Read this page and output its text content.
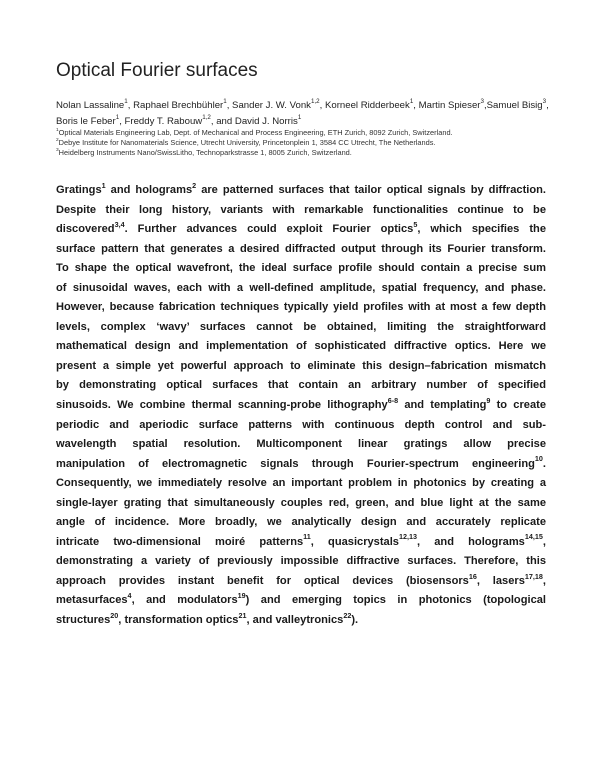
Optical Fourier surfaces
Nolan Lassaline$^1$, Raphael Brechbühler$^1$, Sander J. W. Vonk$^{1,2}$, Korneel Ridderbeek$^1$, Martin Spieser$^3$,Samuel Bisig$^3$, Boris le Feber$^1$, Freddy T. Rabouw$^{1,2}$, and David J. Norris$^1$
$^1$Optical Materials Engineering Lab, Dept. of Mechanical and Process Engineering, ETH Zurich, 8092 Zurich, Switzerland.
$^2$Debye Institute for Nanomaterials Science, Utrecht University, Princetonplein 1, 3584 CC Utrecht, The Netherlands.
$^3$Heidelberg Instruments Nano/SwissLitho, Technoparkstrasse 1, 8005 Zurich, Switzerland.
Gratings$^1$ and holograms$^2$ are patterned surfaces that tailor optical signals by diffraction.
Despite their long history, variants with remarkable functionalities continue to be
discovered$^{3,4}$. Further advances could exploit Fourier optics$^5$, which specifies the
surface pattern that generates a desired diffracted output through its Fourier transform.
To shape the optical wavefront, the ideal surface profile should contain a precise sum
of sinusoidal waves, each with a well-defined amplitude, spatial frequency, and phase.
However, because fabrication techniques typically yield profiles with at most a few depth
levels, complex ‘wavy’ surfaces cannot be obtained, limiting the straightforward
mathematical design and implementation of sophisticated diffractive optics. Here we
present a simple yet powerful approach to eliminate this design–fabrication mismatch
by demonstrating optical surfaces that contain an arbitrary number of specified
sinusoids. We combine thermal scanning-probe lithography$^{6-8}$ and templating$^9$ to create
periodic and aperiodic surface patterns with continuous depth control and sub-
wavelength spatial resolution. Multicomponent linear gratings allow precise
manipulation of electromagnetic signals through Fourier-spectrum engineering$^{10}$.
Consequently, we immediately resolve an important problem in photonics by creating a
single-layer grating that simultaneously couples red, green, and blue light at the same
angle of incidence. More broadly, we analytically design and accurately replicate
intricate two-dimensional moiré patterns$^{11}$, quasicrystals$^{12,13}$, and holograms$^{14,15}$,
demonstrating a variety of previously impossible diffractive surfaces. Therefore, this
approach provides instant benefit for optical devices (biosensors$^{16}$, lasers$^{17,18}$,
metasurfaces$^4$, and modulators$^{19}$) and emerging topics in photonics (topological
structures$^{20}$, transformation optics$^{21}$, and valleytronics$^{22}$).
